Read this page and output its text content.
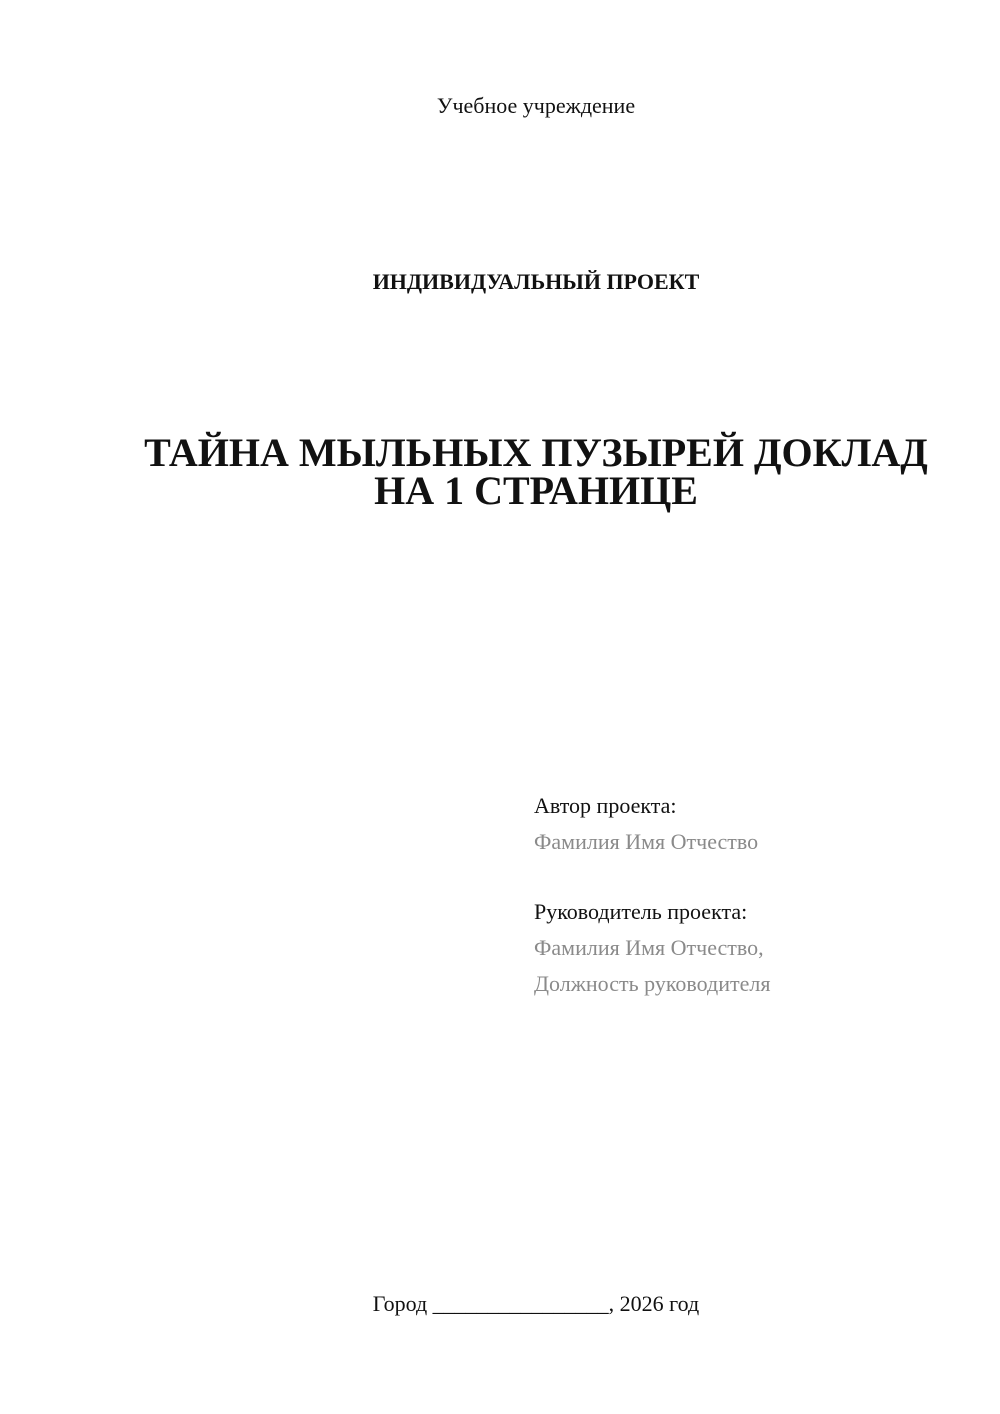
Учебное учреждение
ИНДИВИДУАЛЬНЫЙ ПРОЕКТ
ТАЙНА МЫЛЬНЫХ ПУЗЫРЕЙ ДОКЛАД
НА 1 СТРАНИЦЕ
Автор проекта:
Фамилия Имя Отчество
Руководитель проекта:
Фамилия Имя Отчество,
Должность руководителя
Город ________________, 2026 год
